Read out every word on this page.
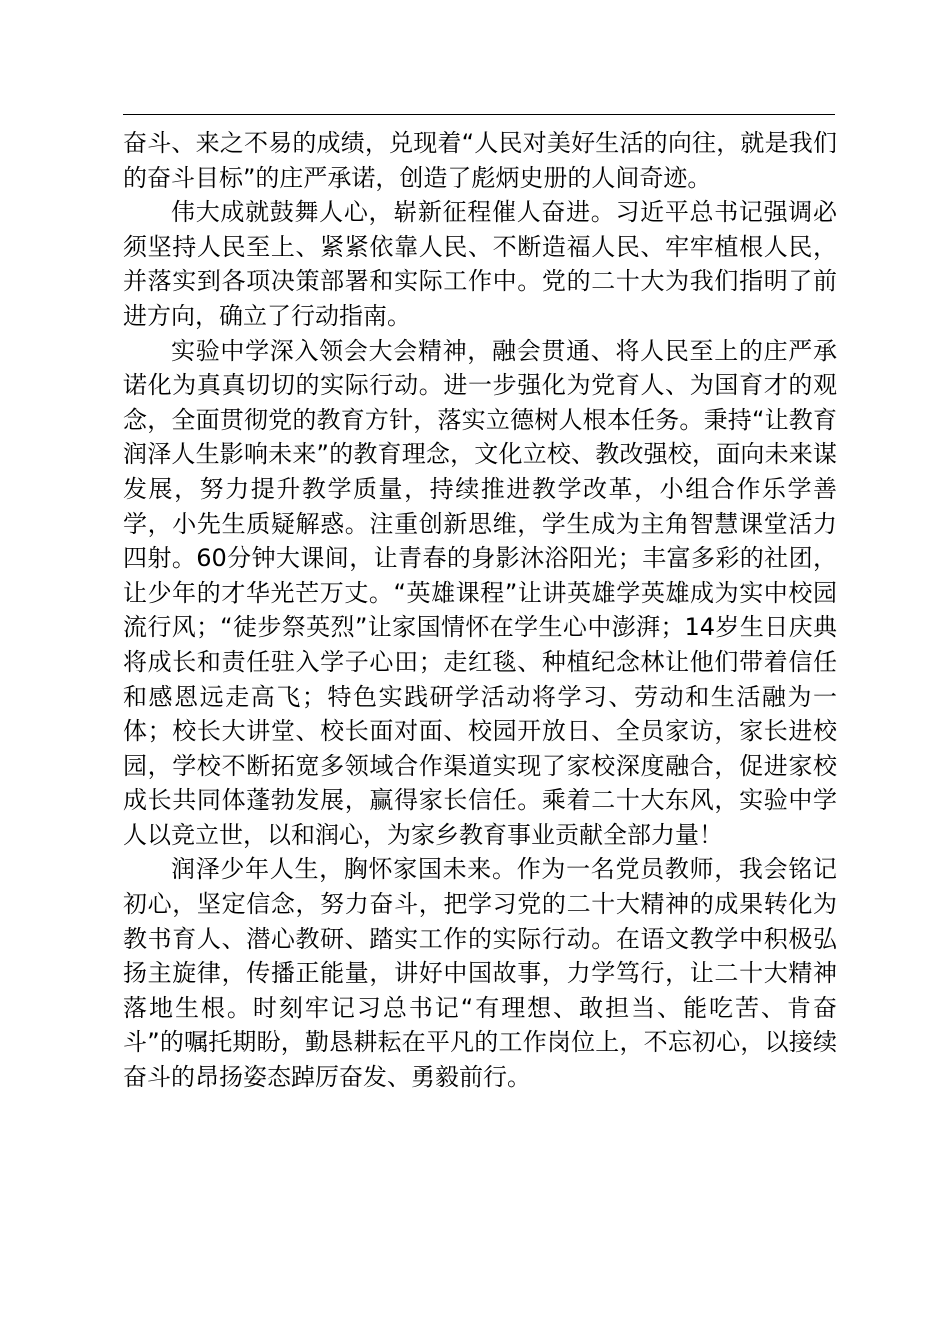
奋斗、来之不易的成绩，兑现着“人民对美好生活的向往，就是我们的奋斗目标”的庄严承诺，创造了彪炳史册的人间奇迹。

伟大成就鼓舞人心，崭新征程催人奋进。习近平总书记强调必须坚持人民至上、紧紧依靠人民、不断造福人民、牢牢植根人民，并落实到各项决策部署和实际工作中。党的二十大为我们指明了前进方向，确立了行动指南。

实验中学深入领会大会精神，融会贯通、将人民至上的庄严承诺化为真真切切的实际行动。进一步强化为党育人、为国育才的观念，全面贯彻党的教育方针，落实立德树人根本任务。秉持“让教育润泽人生影响未来”的教育理念，文化立校、教改强校，面向未来谋发展，努力提升教学质量，持续推进教学改革，小组合作乐学善学，小先生质疑解惑。注重创新思维，学生成为主角智慧课堂活力四射。60分钟大课间，让青春的身影沐浴阳光；丰富多彩的社团，让少年的才华光芒万丈。“英雄课程”让讲英雄学英雄成为实中校园流行风；“徒步祭英烈”让家国情怀在学生心中澎湃；14岁生日庆典将成长和责任驻入学子心田；走红毯、种植纪念林让他们带着信任和感恩远走高飞；特色实践研学活动将学习、劳动和生活融为一体；校长大讲堂、校长面对面、校园开放日、全员家访，家长进校园，学校不断拓宽多领域合作渠道实现了家校深度融合，促进家校成长共同体蓬勃发展，赢得家长信任。乘着二十大东风，实验中学人以竞立世，以和润心，为家乡教育事业贡献全部力量！

润泽少年人生，胸怀家国未来。作为一名党员教师，我会铭记初心，坚定信念，努力奋斗，把学习党的二十大精神的成果转化为教书育人、潜心教研、踏实工作的实际行动。在语文教学中积极弘扬主旋律，传播正能量，讲好中国故事，力学笃行，让二十大精神落地生根。时刻牢记习总书记“有理想、敢担当、能吃苦、肯奋斗”的嘱托期盼，勤恳耕耘在平凡的工作岗位上，不忘初心，以接续奋斗的昂扬姿态踔厉奋发、勇毅前行。
